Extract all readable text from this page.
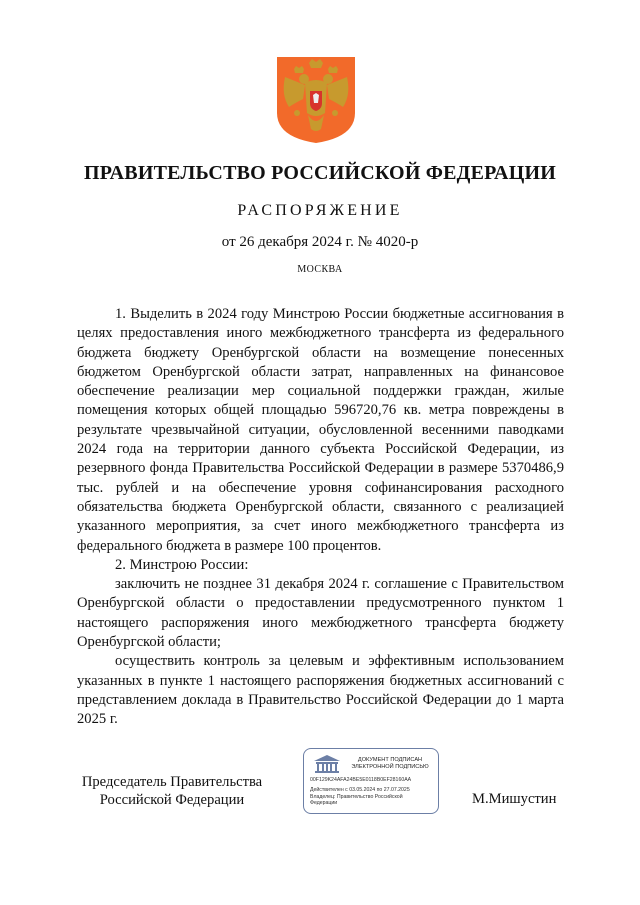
ПРАВИТЕЛЬСТВО РОССИЙСКОЙ ФЕДЕРАЦИИ
РАСПОРЯЖЕНИЕ
от 26 декабря 2024 г. № 4020-р
МОСКВА

1. Выделить в 2024 году Минстрою России бюджетные ассигнования в целях предоставления иного межбюджетного трансферта из федерального бюджета бюджету Оренбургской области на возмещение понесенных бюджетом Оренбургской области затрат, направленных на финансовое обеспечение реализации мер социальной поддержки граждан, жилые помещения которых общей площадью 596720,76 кв. метра повреждены в результате чрезвычайной ситуации, обусловленной весенними паводками 2024 года на территории данного субъекта Российской Федерации, из резервного фонда Правительства Российской Федерации в размере 5370486,9 тыс. рублей и на обеспечение уровня софинансирования расходного обязательства бюджета Оренбургской области, связанного с реализацией указанного мероприятия, за счет иного межбюджетного трансферта из федерального бюджета в размере 100 процентов.

2. Минстрою России:

заключить не позднее 31 декабря 2024 г. соглашение с Правительством Оренбургской области о предоставлении предусмотренного пунктом 1 настоящего распоряжения иного межбюджетного трансферта бюджету Оренбургской области;

осуществить контроль за целевым и эффективным использованием указанных в пункте 1 настоящего распоряжения бюджетных ассигнований с представлением доклада в Правительство Российской Федерации до 1 марта 2025 г.

Председатель Правительства
Российской Федерации
ДОКУМЕНТ ПОДПИСАН
ЭЛЕКТРОННОЙ ПОДПИСЬЮ
00F129K24AFA24BE5E0118B0EF28160AA
Действителен с 03.05.2024 по 27.07.2025
Владелец: Правительство Российской
Федерации	М.Мишустин
